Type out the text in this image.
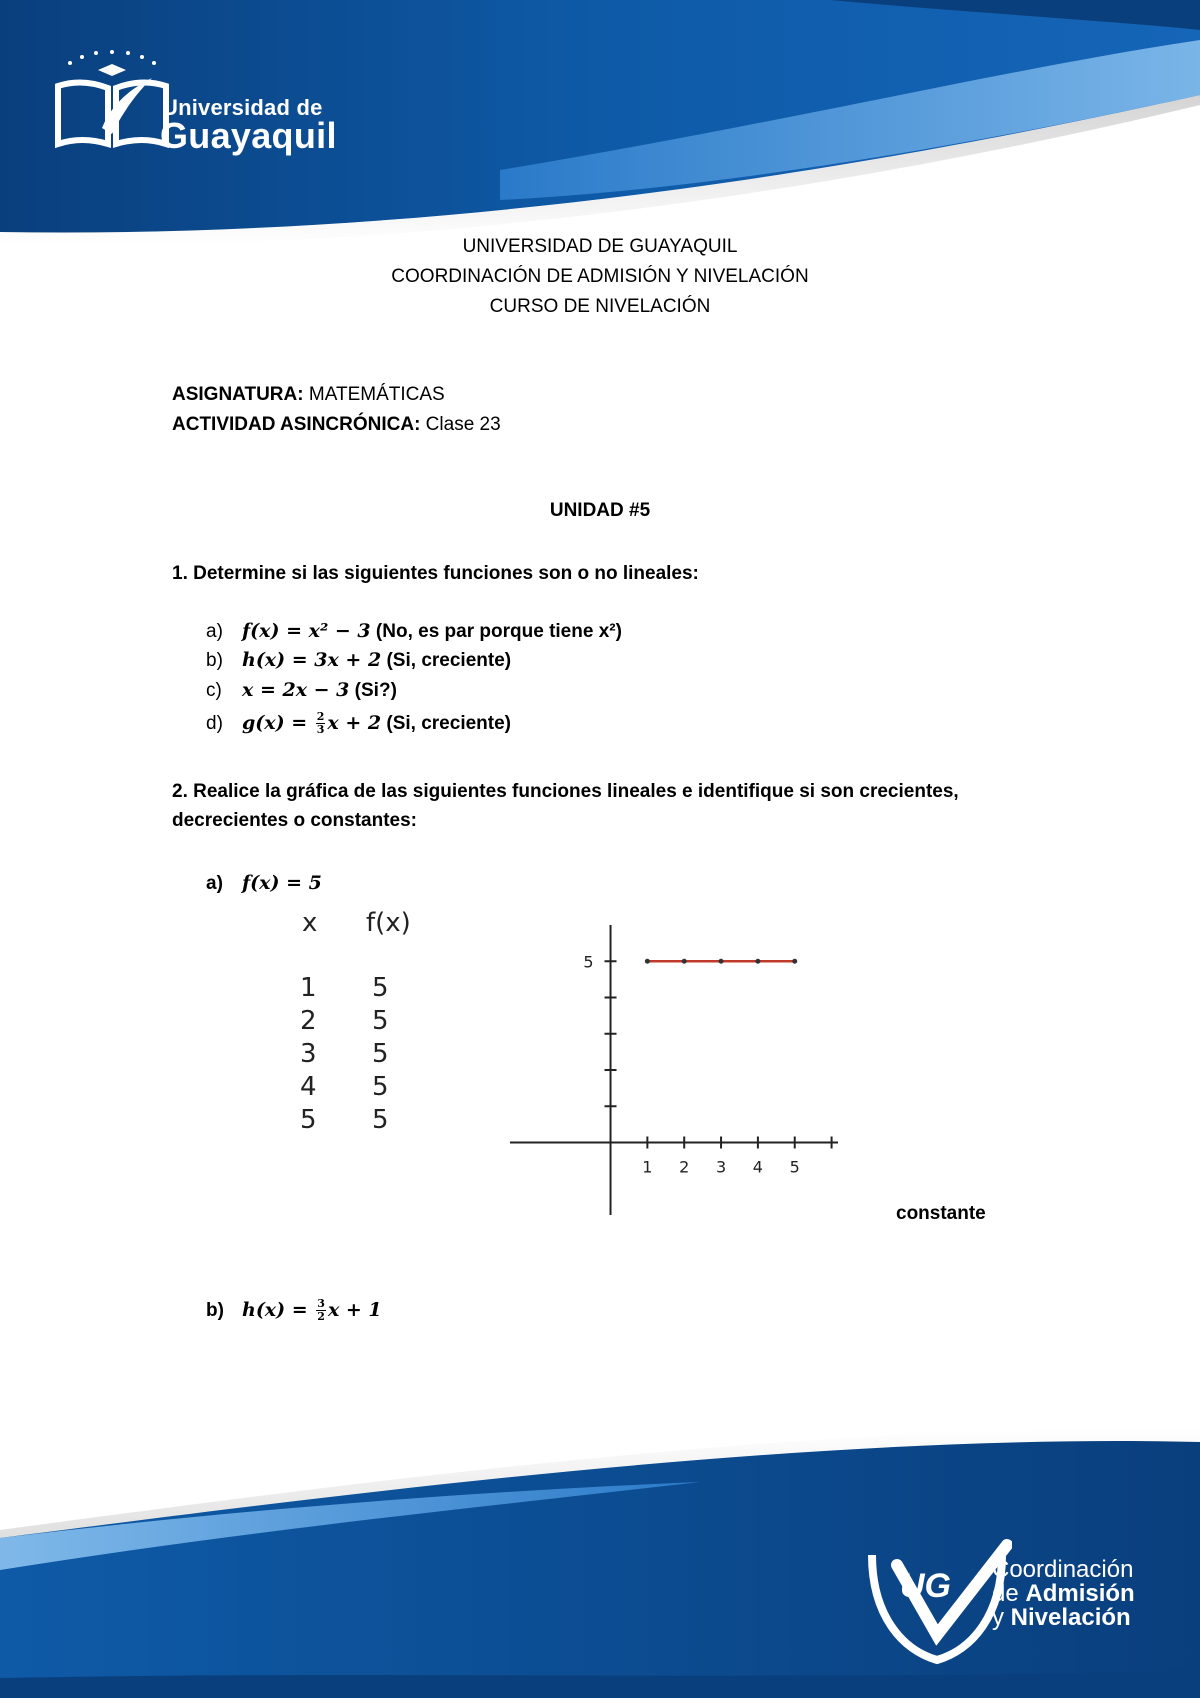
Universidad de
Guayaquil
UNIVERSIDAD DE GUAYAQUIL
COORDINACIÓN DE ADMISIÓN Y NIVELACIÓN
CURSO DE NIVELACIÓN
ASIGNATURA: MATEMÁTICAS
ACTIVIDAD ASINCRÓNICA: Clase 23
UNIDAD #5
1. Determine si las siguientes funciones son o no lineales:
a) f(x) = x² − 3 (No, es par porque tiene x²)
b) h(x) = 3x + 2 (Si, creciente)
c) x = 2x − 3 (Si?)
d) $g(x) = \frac{2}{3}$ x + 2 (Si, creciente)
2. Realice la gráfica de las siguientes funciones lineales e identifique si son crecientes,
decrecientes o constantes:
a) f(x) = 5
x f(x)
1
2
3
4
5
5
5
5
5
5
1 2 3 4 5
5
constante
b) $h(x) = \frac{3}{2}$ x + 1
UG Coordinación
de Admisión
y Nivelación
